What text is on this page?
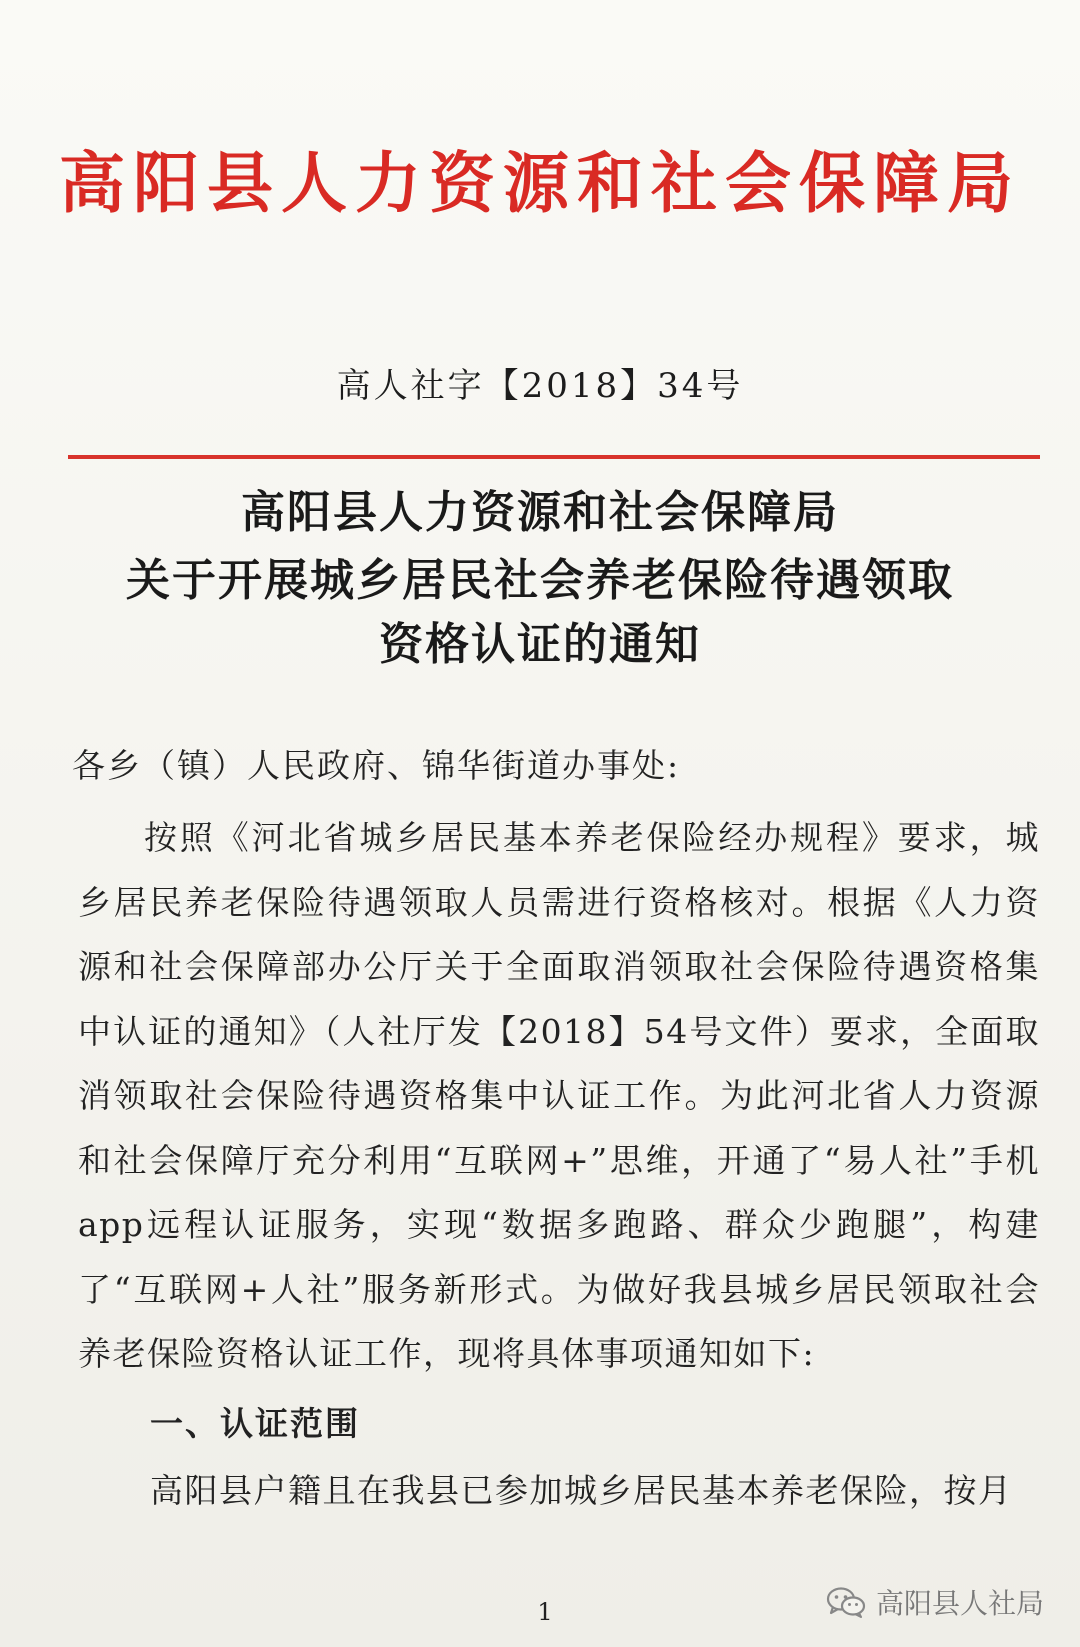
高阳县人力资源和社会保障局
高人社字【2018】34号
高阳县人力资源和社会保障局
关于开展城乡居民社会养老保险待遇领取
资格认证的通知
各乡（镇）人民政府、锦华街道办事处:
按照《河北省城乡居民基本养老保险经办规程》要求，城乡居民养老保险待遇领取人员需进行资格核对。根据《人力资源和社会保障部办公厅关于全面取消领取社会保险待遇资格集中认证的通知》（人社厅发【2018】54号文件）要求，全面取消领取社会保险待遇资格集中认证工作。为此河北省人力资源和社会保障厅充分利用“互联网+”思维，开通了“易人社”手机app远程认证服务，实现“数据多跑路、群众少跑腿”，构建了“互联网+人社”服务新形式。为做好我县城乡居民领取社会养老保险资格认证工作，现将具体事项通知如下:
一、认证范围
高阳县户籍且在我县已参加城乡居民基本养老保险，按月
1	高阳县人社局
